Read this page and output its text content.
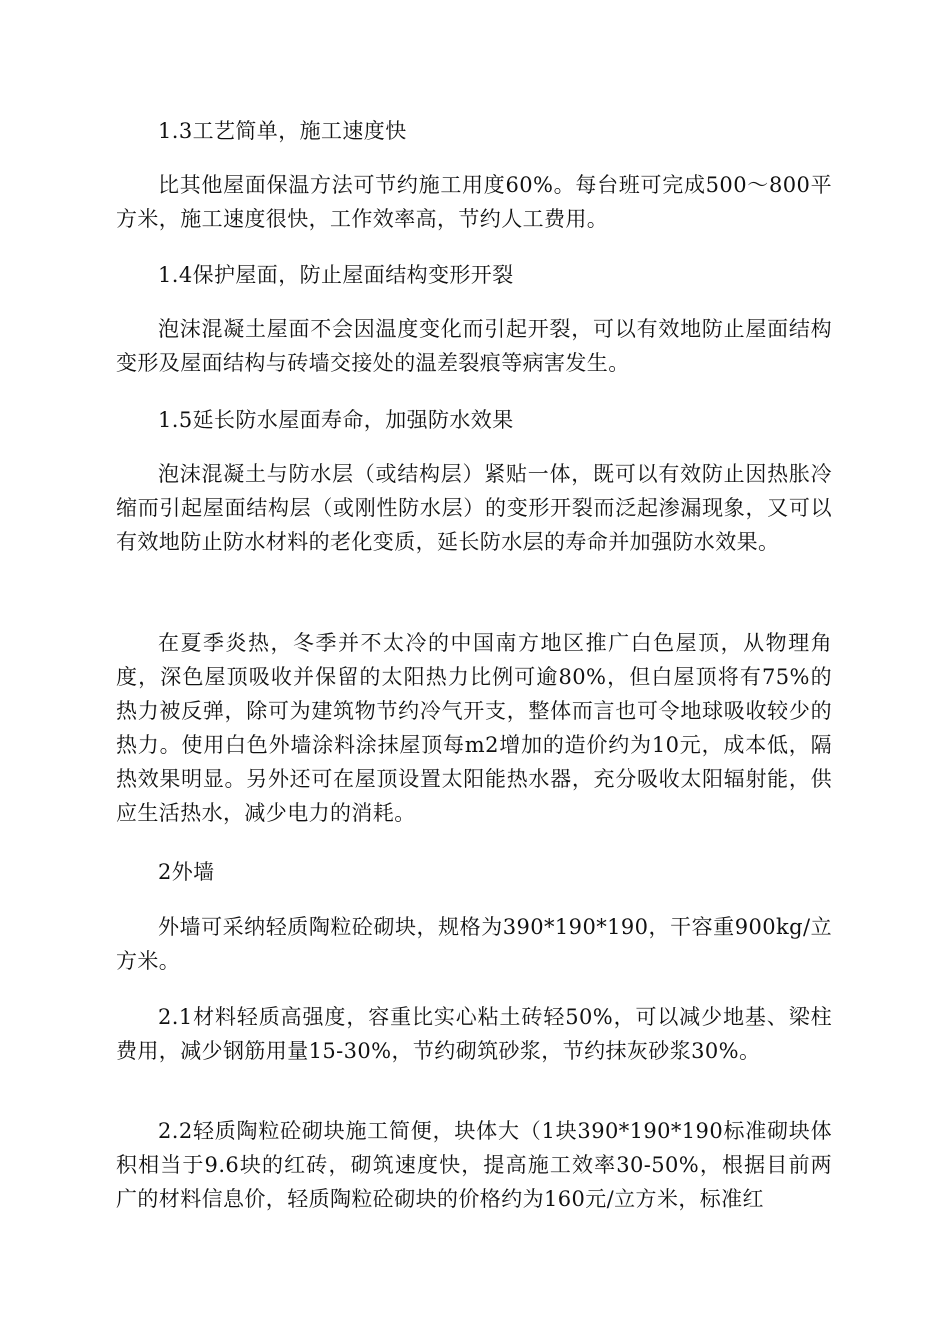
1.3工艺简单，施工速度快

比其他屋面保温方法可节约施工用度60%。每台班可完成500～800平方米，施工速度很快，工作效率高，节约人工费用。

1.4保护屋面，防止屋面结构变形开裂

泡沫混凝土屋面不会因温度变化而引起开裂，可以有效地防止屋面结构变形及屋面结构与砖墙交接处的温差裂痕等病害发生。

1.5延长防水屋面寿命，加强防水效果

泡沫混凝土与防水层（或结构层）紧贴一体，既可以有效防止因热胀冷缩而引起屋面结构层（或刚性防水层）的变形开裂而泛起渗漏现象，又可以有效地防止防水材料的老化变质，延长防水层的寿命并加强防水效果。

在夏季炎热，冬季并不太冷的中国南方地区推广白色屋顶，从物理角度，深色屋顶吸收并保留的太阳热力比例可逾80%，但白屋顶将有75%的热力被反弹，除可为建筑物节约冷气开支，整体而言也可令地球吸收较少的热力。使用白色外墙涂料涂抹屋顶每m2增加的造价约为10元，成本低，隔热效果明显。另外还可在屋顶设置太阳能热水器，充分吸收太阳辐射能，供应生活热水，减少电力的消耗。

2外墙

外墙可采纳轻质陶粒砼砌块，规格为390*190*190，干容重900kg/立方米。

2.1材料轻质高强度，容重比实心粘土砖轻50%，可以减少地基、梁柱费用，减少钢筋用量15-30%，节约砌筑砂浆，节约抹灰砂浆30%。

2.2轻质陶粒砼砌块施工简便，块体大（1块390*190*190标准砌块体积相当于9.6块的红砖，砌筑速度快，提高施工效率30-50%，根据目前两广的材料信息价，轻质陶粒砼砌块的价格约为160元/立方米，标准红
